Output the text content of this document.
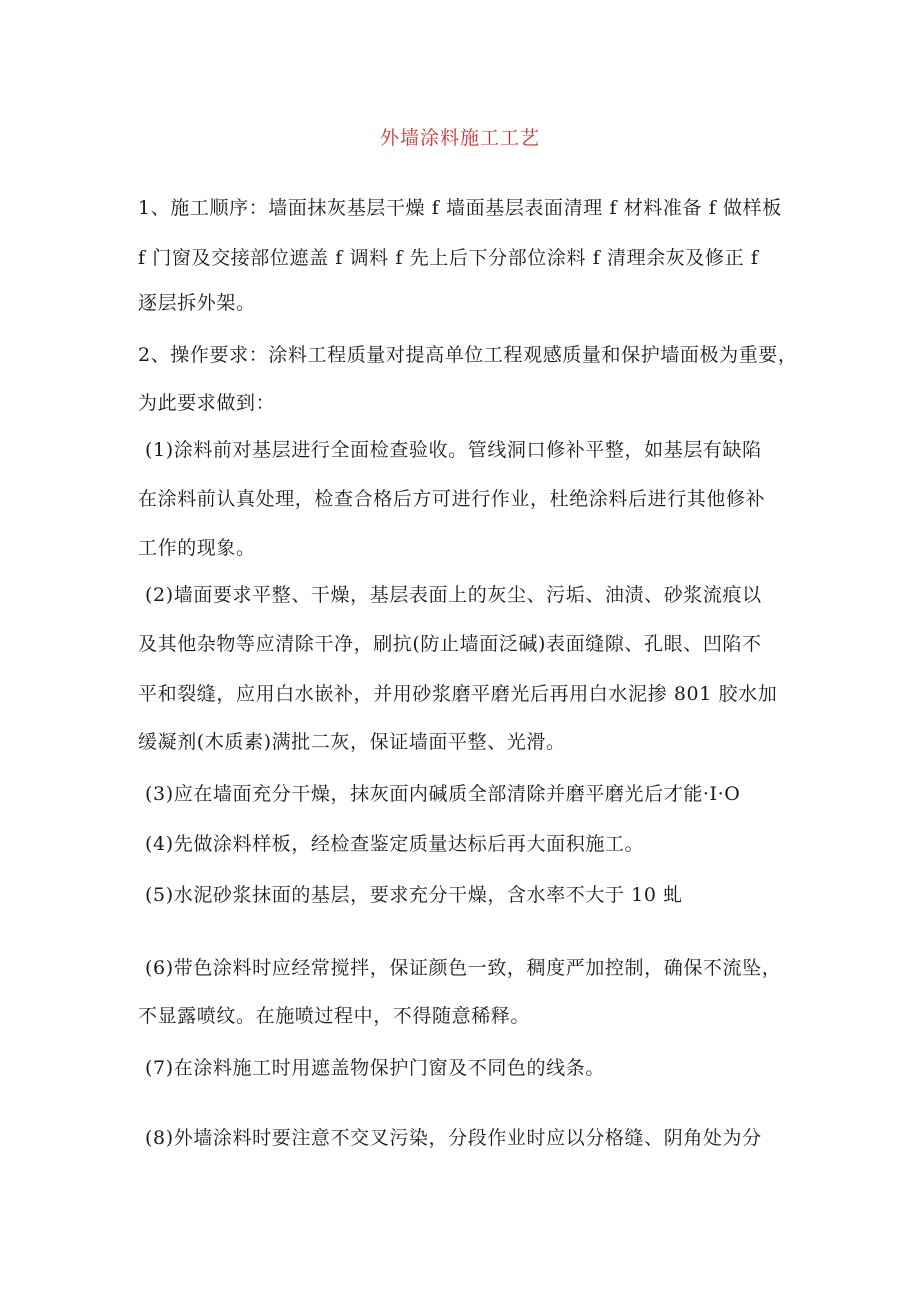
外墙涂料施工工艺
1、施工顺序：墙面抹灰基层干燥 f 墙面基层表面清理 f 材料准备 f 做样板
f 门窗及交接部位遮盖 f 调料 f 先上后下分部位涂料 f 清理余灰及修正 f
逐层拆外架。
2、操作要求：涂料工程质量对提高单位工程观感质量和保护墙面极为重要，
为此要求做到：
(1)涂料前对基层进行全面检查验收。管线洞口修补平整，如基层有缺陷
在涂料前认真处理，检查合格后方可进行作业，杜绝涂料后进行其他修补
工作的现象。
(2)墙面要求平整、干燥，基层表面上的灰尘、污垢、油渍、砂浆流痕以
及其他杂物等应清除干净，刷抗(防止墙面泛碱)表面缝隙、孔眼、凹陷不
平和裂缝，应用白水嵌补，并用砂浆磨平磨光后再用白水泥掺 801 胶水加
缓凝剂(木质素)满批二灰，保证墙面平整、光滑。
(3)应在墙面充分干燥，抹灰面内碱质全部清除并磨平磨光后才能·I·O
(4)先做涂料样板，经检查鉴定质量达标后再大面积施工。
(5)水泥砂浆抹面的基层，要求充分干燥，含水率不大于 10 虬
(6)带色涂料时应经常搅拌，保证颜色一致，稠度严加控制，确保不流坠，
不显露喷纹。在施喷过程中，不得随意稀释。
(7)在涂料施工时用遮盖物保护门窗及不同色的线条。
(8)外墙涂料时要注意不交叉污染，分段作业时应以分格缝、阴角处为分
